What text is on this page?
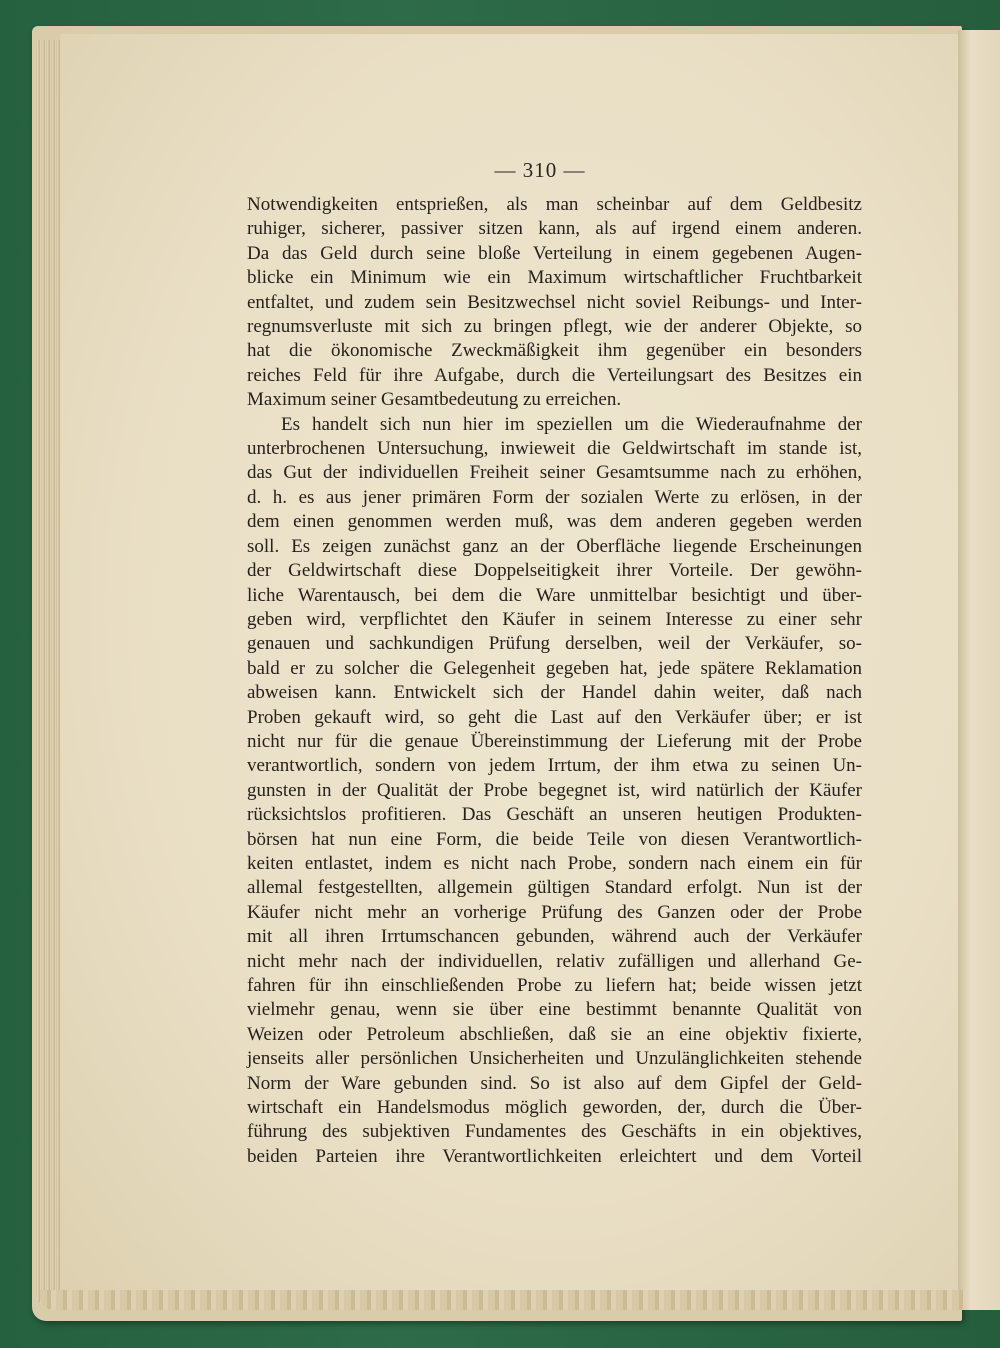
— 310 —
Notwendigkeiten entsprießen, als man scheinbar auf dem Geldbesitz
ruhiger, sicherer, passiver sitzen kann, als auf irgend einem anderen.
Da das Geld durch seine bloße Verteilung in einem gegebenen Augen-
blicke ein Minimum wie ein Maximum wirtschaftlicher Fruchtbarkeit
entfaltet, und zudem sein Besitzwechsel nicht soviel Reibungs- und Inter-
regnumsverluste mit sich zu bringen pflegt, wie der anderer Objekte, so
hat die ökonomische Zweckmäßigkeit ihm gegenüber ein besonders
reiches Feld für ihre Aufgabe, durch die Verteilungsart des Besitzes ein
Maximum seiner Gesamtbedeutung zu erreichen.
Es handelt sich nun hier im speziellen um die Wiederaufnahme der
unterbrochenen Untersuchung, inwieweit die Geldwirtschaft im stande ist,
das Gut der individuellen Freiheit seiner Gesamtsumme nach zu erhöhen,
d. h. es aus jener primären Form der sozialen Werte zu erlösen, in der
dem einen genommen werden muß, was dem anderen gegeben werden
soll. Es zeigen zunächst ganz an der Oberfläche liegende Erscheinungen
der Geldwirtschaft diese Doppelseitigkeit ihrer Vorteile. Der gewöhn-
liche Warentausch, bei dem die Ware unmittelbar besichtigt und über-
geben wird, verpflichtet den Käufer in seinem Interesse zu einer sehr
genauen und sachkundigen Prüfung derselben, weil der Verkäufer, so-
bald er zu solcher die Gelegenheit gegeben hat, jede spätere Reklamation
abweisen kann. Entwickelt sich der Handel dahin weiter, daß nach
Proben gekauft wird, so geht die Last auf den Verkäufer über; er ist
nicht nur für die genaue Übereinstimmung der Lieferung mit der Probe
verantwortlich, sondern von jedem Irrtum, der ihm etwa zu seinen Un-
gunsten in der Qualität der Probe begegnet ist, wird natürlich der Käufer
rücksichtslos profitieren. Das Geschäft an unseren heutigen Produkten-
börsen hat nun eine Form, die beide Teile von diesen Verantwortlich-
keiten entlastet, indem es nicht nach Probe, sondern nach einem ein für
allemal festgestellten, allgemein gültigen Standard erfolgt. Nun ist der
Käufer nicht mehr an vorherige Prüfung des Ganzen oder der Probe
mit all ihren Irrtumschancen gebunden, während auch der Verkäufer
nicht mehr nach der individuellen, relativ zufälligen und allerhand Ge-
fahren für ihn einschließenden Probe zu liefern hat; beide wissen jetzt
vielmehr genau, wenn sie über eine bestimmt benannte Qualität von
Weizen oder Petroleum abschließen, daß sie an eine objektiv fixierte,
jenseits aller persönlichen Unsicherheiten und Unzulänglichkeiten stehende
Norm der Ware gebunden sind. So ist also auf dem Gipfel der Geld-
wirtschaft ein Handelsmodus möglich geworden, der, durch die Über-
führung des subjektiven Fundamentes des Geschäfts in ein objektives,
beiden Parteien ihre Verantwortlichkeiten erleichtert und dem Vorteil
